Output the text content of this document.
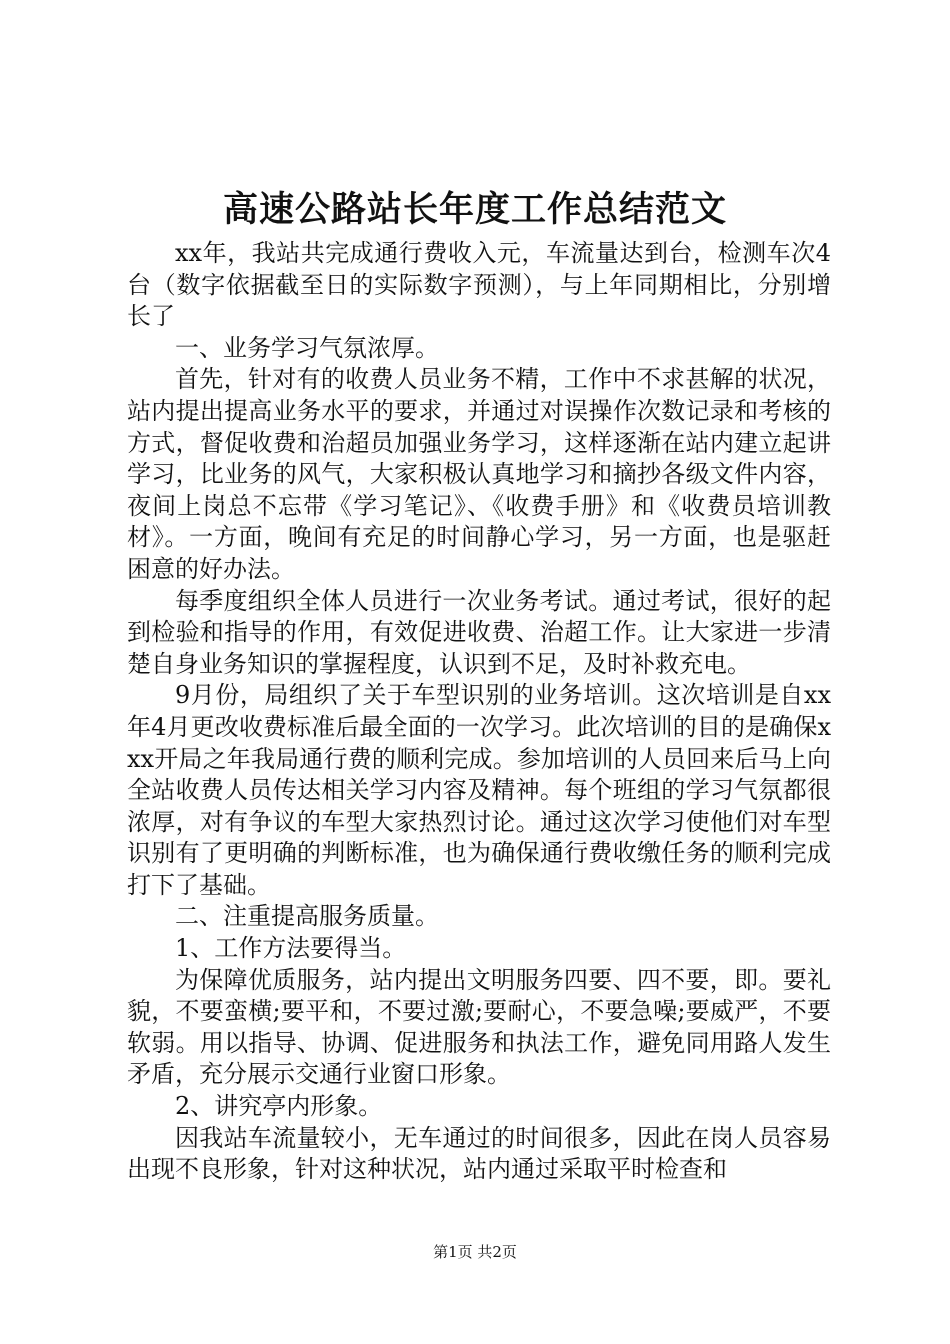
高速公路站长年度工作总结范文

xx年，我站共完成通行费收入元，车流量达到台，检测车次4台（数字依据截至日的实际数字预测），与上年同期相比，分别增长了

一、业务学习气氛浓厚。

首先，针对有的收费人员业务不精，工作中不求甚解的状况，站内提出提高业务水平的要求，并通过对误操作次数记录和考核的方式，督促收费和治超员加强业务学习，这样逐渐在站内建立起讲学习，比业务的风气，大家积极认真地学习和摘抄各级文件内容，夜间上岗总不忘带《学习笔记》、《收费手册》和《收费员培训教材》。一方面，晚间有充足的时间静心学习，另一方面，也是驱赶困意的好办法。

每季度组织全体人员进行一次业务考试。通过考试，很好的起到检验和指导的作用，有效促进收费、治超工作。让大家进一步清楚自身业务知识的掌握程度，认识到不足，及时补救充电。

9月份，局组织了关于车型识别的业务培训。这次培训是自xx年4月更改收费标准后最全面的一次学习。此次培训的目的是确保xxx开局之年我局通行费的顺利完成。参加培训的人员回来后马上向全站收费人员传达相关学习内容及精神。每个班组的学习气氛都很浓厚，对有争议的车型大家热烈讨论。通过这次学习使他们对车型识别有了更明确的判断标准，也为确保通行费收缴任务的顺利完成打下了基础。

二、注重提高服务质量。

1、工作方法要得当。

为保障优质服务，站内提出文明服务四要、四不要，即。要礼貌，不要蛮横;要平和，不要过激;要耐心，不要急噪;要威严，不要软弱。用以指导、协调、促进服务和执法工作，避免同用路人发生矛盾，充分展示交通行业窗口形象。

2、讲究亭内形象。

因我站车流量较小，无车通过的时间很多，因此在岗人员容易出现不良形象，针对这种状况，站内通过采取平时检查和

第1页 共2页
